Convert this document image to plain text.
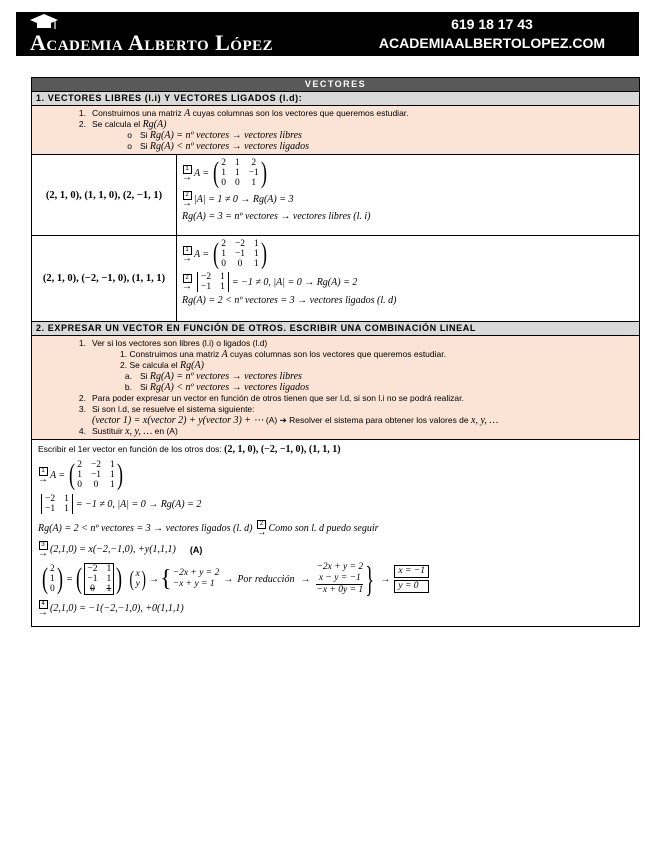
Academia Alberto López
619 18 17 43
ACADEMIAALBERTOLOPEZ.COM
VECTORES
1. VECTORES LIBRES (l.i) Y VECTORES LIGADOS (l.d):
1. Construimos una matriz A cuyas columnas son los vectores que queremos estudiar.
2. Se calcula el Rg(A)
o Si Rg(A) = nº vectores → vectores libres
o Si Rg(A) < nº vectores → vectores ligados
(2, 1, 0), (1, 1, 0), (2, −1, 1)
1
→ A = ( 2 1 2
1 1 −1
0 0 1 )
2
→ |A| = 1 ≠ 0 → Rg(A) = 3
Rg(A) = 3 = nº vectores → vectores libres (l. i)
(2, 1, 0), (−2, −1, 0), (1, 1, 1)
1
→ A = ( 2 −2 1
1 −1 1
0 0 1 )
2
→
−2 1
−1 1 = −1 ≠ 0, |A| = 0 → Rg(A) = 2
Rg(A) = 2 < nº vectores = 3 → vectores ligados (l. d)
2. EXPRESAR UN VECTOR EN FUNCIÓN DE OTROS. ESCRIBIR UNA COMBINACIÓN LINEAL
1. Ver si los vectores son libres (l.i) o ligados (l.d)
1. Construimos una matriz A cuyas columnas son los vectores que queremos estudiar.
2. Se calcula el Rg(A)
a. Si Rg(A) = nº vectores → vectores libres
b. Si Rg(A) < nº vectores → vectores ligados
2. Para poder expresar un vector en función de otros tienen que ser l.d, si son l.i no se podrá realizar.
3. Si son l.d, se resuelve el sistema siguiente:
(vector 1) = x(vector 2) + y(vector 3) + ⋯ (A) ➔ Resolver el sistema para obtener los valores de x, y, …
4. Sustituir x, y, … en (A)
Escribir el 1er vector en función de los otros dos: (2, 1, 0), (−2, −1, 0), (1, 1, 1)
1
→ A = ( 2 −2 1
1 −1 1
0 0 1 )
−2 1
−1 1 = −1 ≠ 0, |A| = 0 → Rg(A) = 2
Rg(A) = 2 < nº vectores = 3 → vectores ligados (l. d)	2
→ Como son l. d puedo seguir
3
→ (2,1,0) = x(−2,−1,0), +y(1,1,1) (A)
( 2
1
0 ) = ( −2 1
−1 1
0 1 ) ( x
y ) → { −2x + y = 2
−x + y = 1 → Por reducción →
−2x + y = 2
x − y = −1
−x + 0y = 1 } →
x = −1
y = 0
4
→ (2,1,0) = −1(−2,−1,0), +0(1,1,1)
